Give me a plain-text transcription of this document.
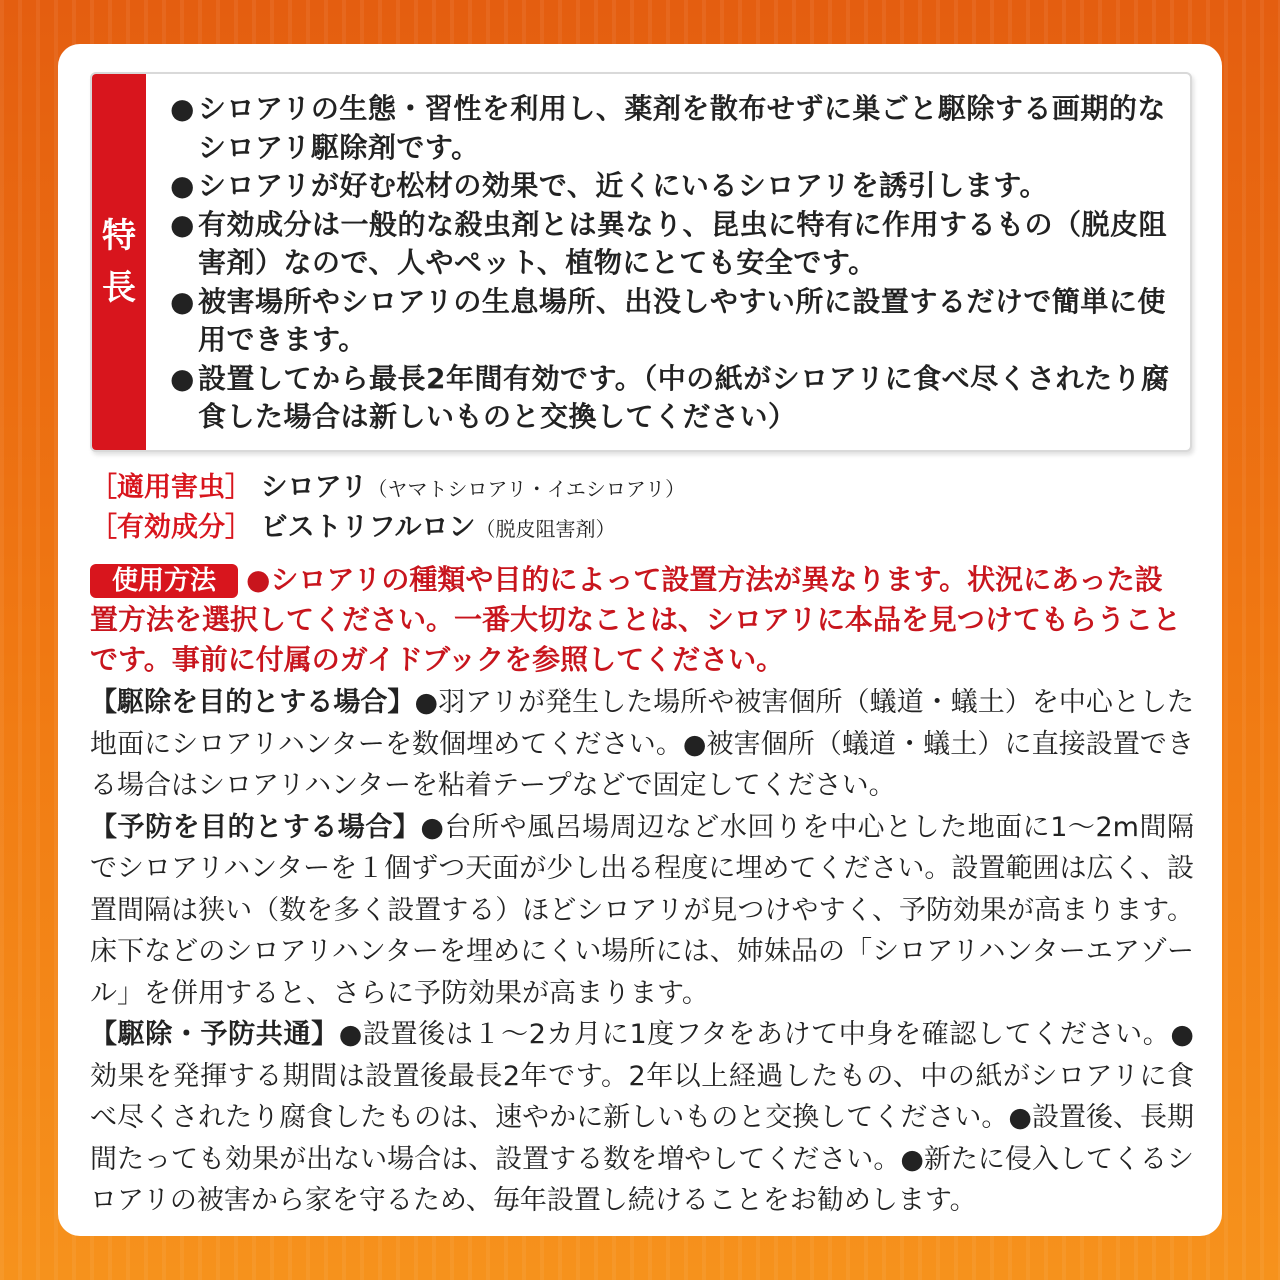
特
長
● シロアリの生態・習性を利用し、薬剤を散布せずに巣ごと駆除する画期的なシロアリ駆除剤です。
● シロアリが好む松材の効果で、近くにいるシロアリを誘引します。
● 有効成分は一般的な殺虫剤とは異なり、昆虫に特有に作用するもの（脱皮阻害剤）なので、人やペット、植物にとても安全です。
● 被害場所やシロアリの生息場所、出没しやすい所に設置するだけで簡単に使用できます。
● 設置してから最長2年間有効です。（中の紙がシロアリに食べ尽くされたり腐食した場合は新しいものと交換してください）
［適用害虫］ シロアリ（ヤマトシロアリ・イエシロアリ）
［有効成分］ ビストリフルロン（脱皮阻害剤）
使用方法 ●シロアリの種類や目的によって設置方法が異なります。状況にあった設置方法を選択してください。一番大切なことは、シロアリに本品を見つけてもらうことです。事前に付属のガイドブックを参照してください。

【駆除を目的とする場合】●羽アリが発生した場所や被害個所（蟻道・蟻土）を中心とした地面にシロアリハンターを数個埋めてください。●被害個所（蟻道・蟻土）に直接設置できる場合はシロアリハンターを粘着テープなどで固定してください。

【予防を目的とする場合】●台所や風呂場周辺など水回りを中心とした地面に1～2m間隔でシロアリハンターを１個ずつ天面が少し出る程度に埋めてください。設置範囲は広く、設置間隔は狭い（数を多く設置する）ほどシロアリが見つけやすく、予防効果が高まります。床下などのシロアリハンターを埋めにくい場所には、姉妹品の「シロアリハンターエアゾール」を併用すると、さらに予防効果が高まります。

【駆除・予防共通】●設置後は１～2カ月に1度フタをあけて中身を確認してください。●効果を発揮する期間は設置後最長2年です。2年以上経過したもの、中の紙がシロアリに食べ尽くされたり腐食したものは、速やかに新しいものと交換してください。●設置後、長期間たっても効果が出ない場合は、設置する数を増やしてください。●新たに侵入してくるシロアリの被害から家を守るため、毎年設置し続けることをお勧めします。
